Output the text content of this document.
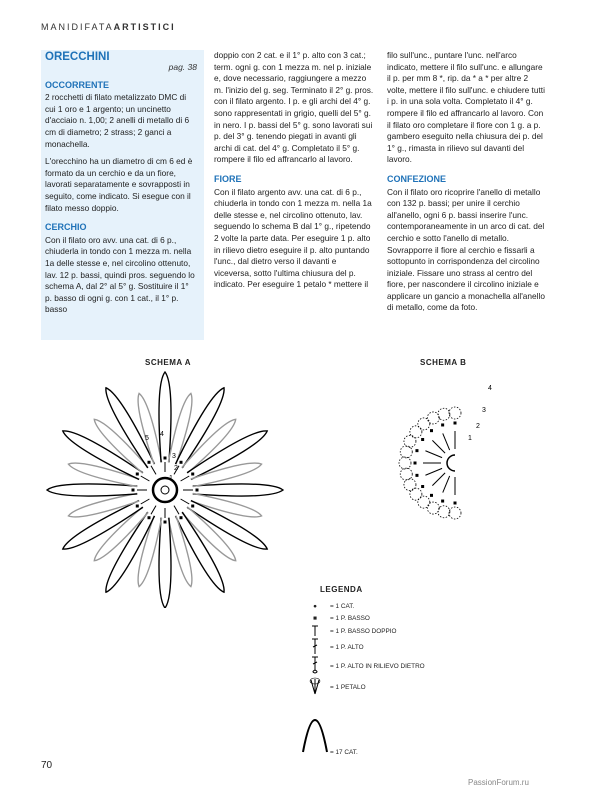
MANIDIFATAARTISTICI
ORECCHINI
pag. 38
OCCORRENTE

2 rocchetti di filato metalizzato DMC di cui 1 oro e 1 argento; un uncinetto d'acciaio n. 1,00; 2 anelli di metallo di 6 cm di diametro; 2 strass; 2 ganci a monachella.

L'orecchino ha un diametro di cm 6 ed è formato da un cerchio e da un fiore, lavorati separatamente e sovrapposti in seguito, come indicato. Si esegue con il filato messo doppio.

CERCHIO

Con il filato oro avv. una cat. di 6 p., chiuderla in tondo con 1 mezza m. nella 1a delle stesse e, nel circolino ottenuto, lav. 12 p. bassi, quindi pros. seguendo lo schema A, dal 2° al 5° g. Sostituire il 1° p. basso di ogni g. con 1 cat., il 1° p. basso

doppio con 2 cat. e il 1° p. alto con 3 cat.; term. ogni g. con 1 mezza m. nel p. iniziale e, dove necessario, raggiungere a mezzo m. l'inizio del g. seg. Terminato il 2° g. pros. con il filato argento. I p. e gli archi del 4° g. sono rappresentati in grigio, quelli del 5° g. in nero. I p. bassi del 5° g. sono lavorati sui p. del 3° g. tenendo piegati in avanti gli archi di cat. del 4° g. Completato il 5° g. rompere il filo ed affrancarlo al lavoro.

FIORE

Con il filato argento avv. una cat. di 6 p., chiuderla in tondo con 1 mezza m. nella 1a delle stesse e, nel circolino ottenuto, lav. seguendo lo schema B dal 1° g., ripetendo 2 volte la parte data. Per eseguire 1 p. alto in rilievo dietro eseguire il p. alto puntando l'unc., dal dietro verso il davanti e viceversa, sotto l'ultima chiusura del p. indicato. Per eseguire 1 petalo * mettere il

filo sull'unc., puntare l'unc. nell'arco indicato, mettere il filo sull'unc. e allungare il p. per mm 8 *, rip. da * a * per altre 2 volte, mettere il filo sull'unc. e chiudere tutti i p. in una sola volta. Completato il 4° g. rompere il filo ed affrancarlo al lavoro. Con il filato oro completare il fiore con 1 g. a p. gambero eseguito nella chiusura dei p. del 1° g., rimasta in rilievo sul davanti del lavoro.

CONFEZIONE

Con il filato oro ricoprire l'anello di metallo con 132 p. bassi; per unire il cerchio all'anello, ogni 6 p. bassi inserire l'unc. contemporaneamente in un arco di cat. del cerchio e sotto l'anello di metallo. Sovrapporre il fiore al cerchio e fissarli a sottopunto in corrispondenza del circolino iniziale. Fissare uno strass al centro del fiore, per nascondere il circolino iniziale e applicare un gancio a monachella all'anello di metallo, come da foto.

SCHEMA A	SCHEMA B
5
4
3
2
1
4
3
2
1
LEGENDA
●	= 1 CAT.
■	= 1 P. BASSO
= 1 P. BASSO DOPPIO
= 1 P. ALTO
= 1 P. ALTO IN RILIEVO DIETRO
= 1 PETALO
= 17 CAT.
70
PassionForum.ru
